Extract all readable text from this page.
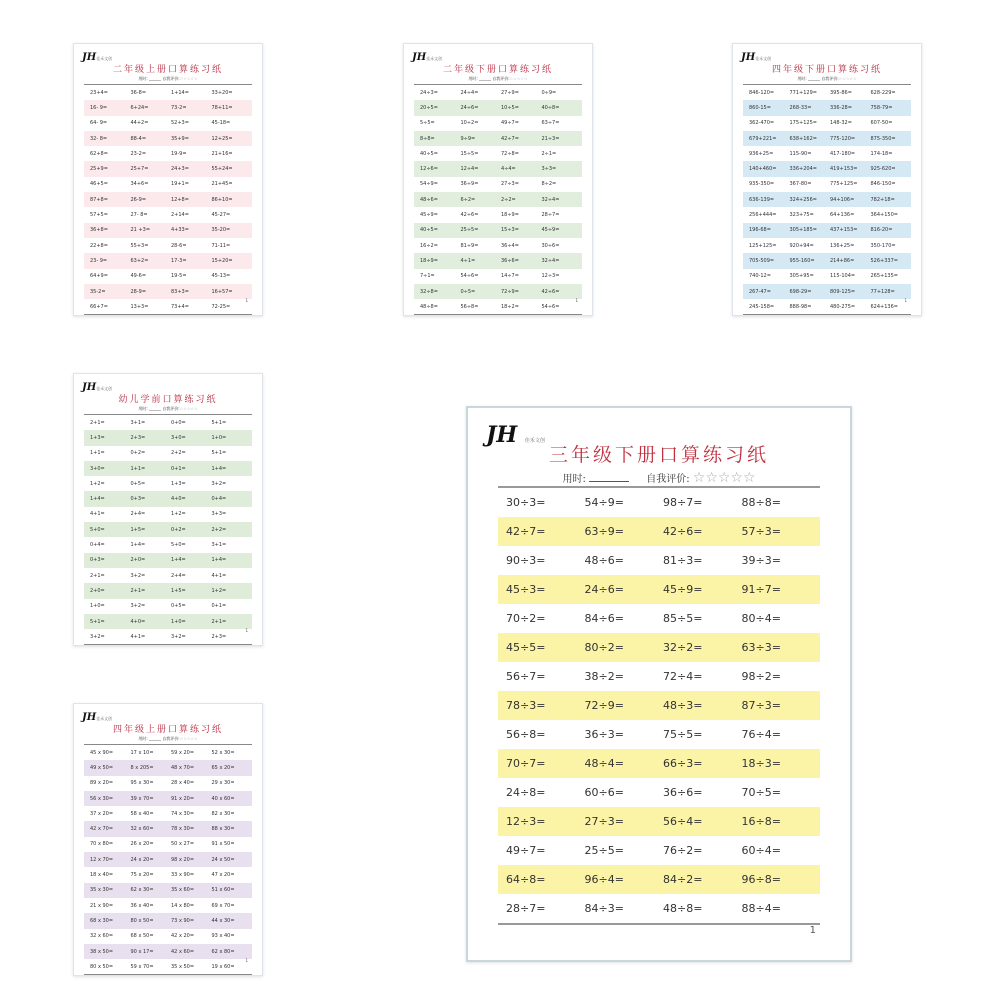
JH佳禾文创
二年级上册口算练习纸
用时: ______ 自我评价:☆☆☆☆☆
23+4=	36-8=	1+14=	33+20=
16- 9=	6+24=	73-2=	78+11=
64- 9=	44+2=	52+3=	45-18=
32- 8=	88-4=	35+9=	12+25=
62+8=	23-2=	19-9=	21+16=
25+9=	25+7=	24+3=	55+24=
46+5=	34+6=	19+1=	21+45=
87+8=	26-9=	12+8=	86+10=
57+5=	27- 8=	2+14=	45-27=
36+8=	21 +3=	4+33=	35-20=
22+8=	55+3=	28-6=	71-11=
23- 9=	63+2=	17-3=	15+20=
64+9=	49-6=	19-5=	45-13=
35-2=	28-9=	83+3=	16+57=
66+7=	13+3=	73+4=	72-25=
1
JH佳禾文创
二年级下册口算练习纸
用时: ______ 自我评价:☆☆☆☆☆
24÷3=	24÷4=	27÷9=	0÷9=
20÷5=	24÷6=	10÷5=	40÷8=
5÷5=	10÷2=	49÷7=	63÷7=
8÷8=	9÷9=	42÷7=	21÷3=
40÷5=	15÷5=	72÷8=	2÷1=
12÷6=	12÷4=	4÷4=	3÷3=
54÷9=	36÷9=	27÷3=	8÷2=
48÷6=	6÷2=	2÷2=	32÷4=
45÷9=	42÷6=	18÷9=	28÷7=
40÷5=	25÷5=	15÷3=	45÷9=
16÷2=	81÷9=	36÷4=	30÷6=
18÷9=	4÷1=	36÷6=	32÷4=
7÷1=	54÷6=	14÷7=	12÷3=
32÷8=	0÷5=	72÷9=	42÷6=
48÷8=	56÷8=	18÷2=	54÷6=
1
JH佳禾文创
四年级下册口算练习纸
用时: ______ 自我评价:☆☆☆☆☆
846-120=	771+129=	395-86=	628-229=
860-15=	268-33=	336-28=	758-79=
362-470=	175+125=	148-32=	607-50=
679+221=	638+162=	775-120=	875-350=
936+25=	115-90=	417-180=	174-18=
140+460=	336+204=	419+153=	925-620=
935-350=	367-80=	775+125=	846-150=
636-139=	324+256=	94+106=	782+18=
256+444=	323+75=	64+136=	364+150=
196-68=	305+185=	437+153=	816-20=
125+125=	920+94=	136+25=	350-170=
705-509=	955-160=	214+86=	526+337=
740-12=	305+95=	115-104=	265+135=
267-47=	698-29=	809-125=	77+128=
245-158=	888-98=	480-275=	624+136=
1
JH佳禾文创
幼儿学前口算练习纸
用时: ______ 自我评价:☆☆☆☆☆
2+1=	3+1=	0+0=	5+1=
1+3=	2+3=	3+0=	1+0=
1+1=	0+2=	2+2=	5+1=
3+0=	1+1=	0+1=	1+4=
1+2=	0+5=	1+3=	3+2=
1+4=	0+3=	4+0=	0+4=
4+1=	2+4=	1+2=	3+3=
5+0=	1+5=	0+2=	2+2=
0+4=	1+4=	5+0=	3+1=
0+3=	2+0=	1+4=	1+4=
2+1=	3+2=	2+4=	4+1=
2+0=	2+1=	1+5=	1+2=
1+0=	3+2=	0+5=	0+1=
5+1=	4+0=	1+0=	2+1=
3+2=	4+1=	3+2=	2+3=
1
JH佳禾文创
四年级上册口算练习纸
用时: ______ 自我评价:☆☆☆☆☆
45 x 90=	17 x 10=	59 x 20=	52 x 30=
49 x 50=	8 x 205=	48 x 70=	65 x 20=
89 x 20=	95 x 30=	28 x 40=	29 x 30=
56 x 30=	39 x 70=	91 x 20=	40 x 60=
37 x 20=	58 x 40=	74 x 30=	82 x 30=
42 x 70=	32 x 60=	78 x 30=	88 x 30=
70 x 80=	26 x 20=	50 x 27=	91 x 50=
12 x 70=	24 x 20=	98 x 20=	24 x 50=
18 x 40=	75 x 20=	33 x 90=	47 x 20=
35 x 30=	62 x 30=	35 x 60=	51 x 60=
21 x 90=	36 x 40=	14 x 80=	69 x 70=
68 x 30=	80 x 50=	73 x 90=	44 x 30=
32 x 60=	68 x 50=	42 x 20=	93 x 40=
38 x 50=	90 x 17=	42 x 60=	62 x 80=
80 x 50=	59 x 70=	35 x 50=	19 x 60=
1
JH 佳禾文创
三年级下册口算练习纸
用时:	自我评价: ☆☆☆☆☆
30÷3=	54÷9=	98÷7=	88÷8=
42÷7=	63÷9=	42÷6=	57÷3=
90÷3=	48÷6=	81÷3=	39÷3=
45÷3=	24÷6=	45÷9=	91÷7=
70÷2=	84÷6=	85÷5=	80÷4=
45÷5=	80÷2=	32÷2=	63÷3=
56÷7=	38÷2=	72÷4=	98÷2=
78÷3=	72÷9=	48÷3=	87÷3=
56÷8=	36÷3=	75÷5=	76÷4=
70÷7=	48÷4=	66÷3=	18÷3=
24÷8=	60÷6=	36÷6=	70÷5=
12÷3=	27÷3=	56÷4=	16÷8=
49÷7=	25÷5=	76÷2=	60÷4=
64÷8=	96÷4=	84÷2=	96÷8=
28÷7=	84÷3=	48÷8=	88÷4=
1
